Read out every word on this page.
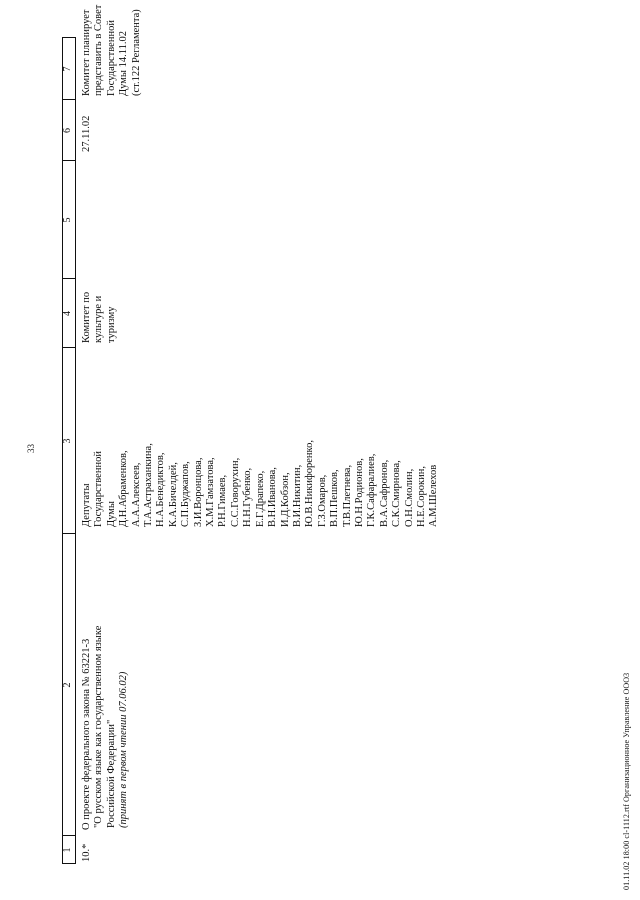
33
1
2
3
4
5
6
7
10.*
О проекте федерального закона № 63221-3 "О русском языке как государственном языке Российской Федерации" (принят в первом чтении 07.06.02)
Депутаты Государственной Думы Д.Н.Абраменков, А.А.Алексеев, Т.А.Астраханкина, Н.А.Бенедиктов, К.А.Бичелдей, С.П.Буджапов, З.И.Воронцова, Х.М.Гамзатова, Р.Н.Гимаев, С.С.Говорухин, Н.Н.Губенко, Е.Г.Драпеко, В.Н.Иванова, И.Д.Кобзон, В.И.Никитин, Ю.В.Никифоренко, Г.З.Омаров, В.П.Пешков, Т.В.Плетнева, Ю.Н.Родионов, Г.К.Сафаралиев, В.А.Сафронов, С.К.Смирнова, О.Н.Смолин, Н.Е.Сорокин, А.М.Шелехов
Комитет по культуре и туризму
27.11.02
Комитет планирует представить в Совет Государственной Думы 14.11.02 (ст.122 Регламента)
01.11.02 18:00 cl-1112.rtf Организационное Управление ООО3
